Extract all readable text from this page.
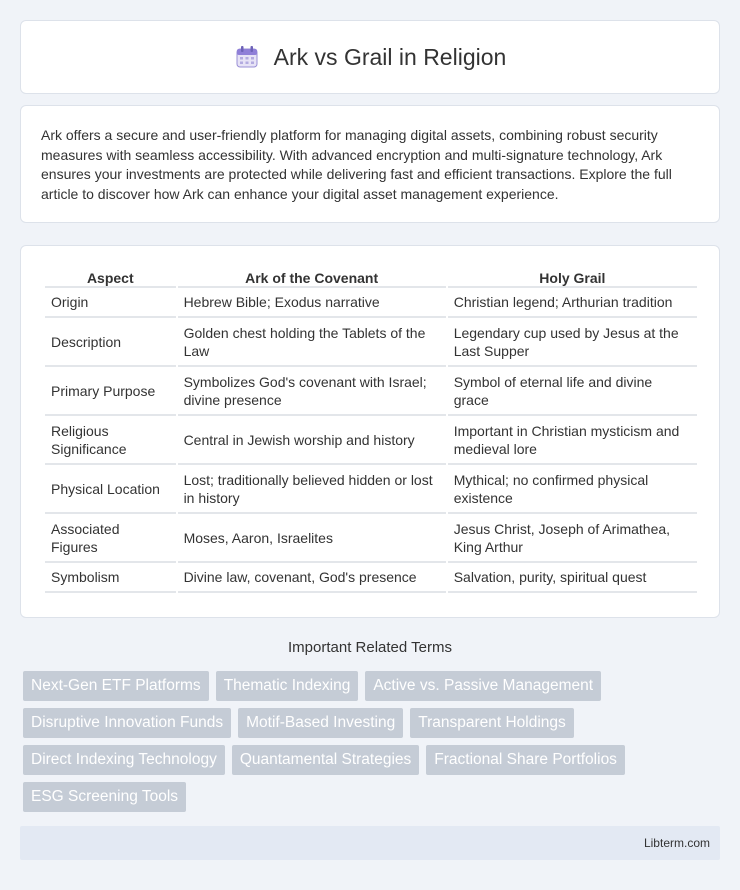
Ark vs Grail in Religion

Ark offers a secure and user-friendly platform for managing digital assets, combining robust security measures with seamless accessibility. With advanced encryption and multi-signature technology, Ark ensures your investments are protected while delivering fast and efficient transactions. Explore the full article to discover how Ark can enhance your digital asset management experience.

Aspect	Ark of the Covenant	Holy Grail
Origin	Hebrew Bible; Exodus narrative	Christian legend; Arthurian tradition
Description	Golden chest holding the Tablets of the Law	Legendary cup used by Jesus at the Last Supper
Primary Purpose	Symbolizes God's covenant with Israel; divine presence	Symbol of eternal life and divine grace
Religious Significance	Central in Jewish worship and history	Important in Christian mysticism and medieval lore
Physical Location	Lost; traditionally believed hidden or lost in history	Mythical; no confirmed physical existence
Associated Figures	Moses, Aaron, Israelites	Jesus Christ, Joseph of Arimathea, King Arthur
Symbolism	Divine law, covenant, God's presence	Salvation, purity, spiritual quest
Important Related Terms
Next-Gen ETF Platforms	Thematic Indexing	Active vs. Passive Management
Disruptive Innovation Funds	Motif-Based Investing	Transparent Holdings
Direct Indexing Technology	Quantamental Strategies	Fractional Share Portfolios
ESG Screening Tools
Libterm.com
